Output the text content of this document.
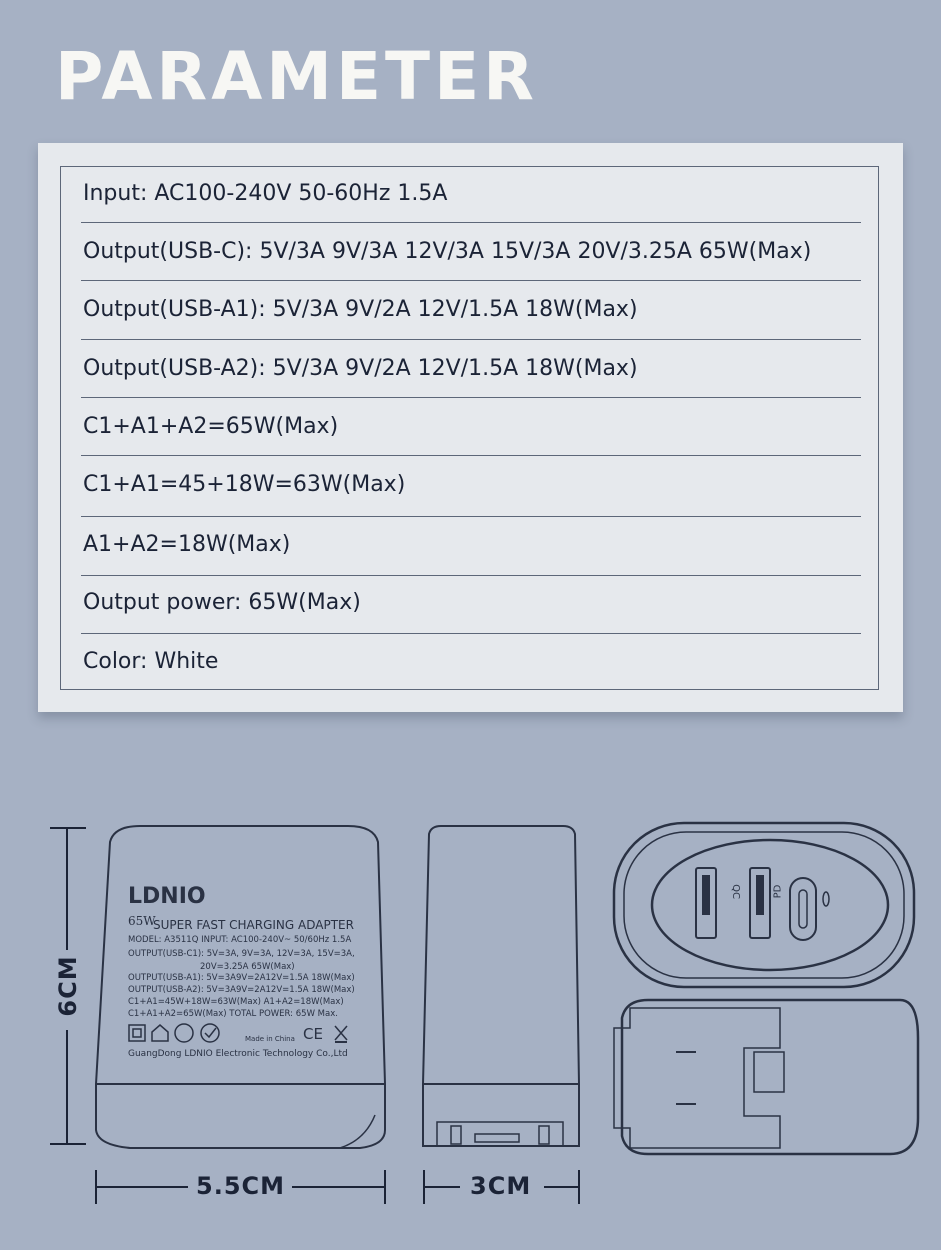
PARAMETER
Input: AC100-240V 50-60Hz 1.5A
Output(USB-C): 5V/3A 9V/3A 12V/3A 15V/3A 20V/3.25A 65W(Max)
Output(USB-A1): 5V/3A 9V/2A 12V/1.5A 18W(Max)
Output(USB-A2): 5V/3A 9V/2A 12V/1.5A 18W(Max)
C1+A1+A2=65W(Max)
C1+A1=45+18W=63W(Max)
A1+A2=18W(Max)
Output power: 65W(Max)
Color: White
6CM
LDNIO
65W
SUPER FAST CHARGING ADAPTER
MODEL: A3511Q INPUT: AC100-240V~ 50/60Hz 1.5A
OUTPUT(USB-C1): 5V=3A, 9V=3A, 12V=3A, 15V=3A,
20V=3.25A 65W(Max)
OUTPUT(USB-A1): 5V=3A9V=2A12V=1.5A 18W(Max)
OUTPUT(USB-A2): 5V=3A9V=2A12V=1.5A 18W(Max)
C1+A1=45W+18W=63W(Max) A1+A2=18W(Max)
C1+A1+A2=65W(Max) TOTAL POWER: 65W Max.
Made in China CE
GuangDong LDNIO Electronic Technology Co.,Ltd
5.5CM	3CM
QC	PD
